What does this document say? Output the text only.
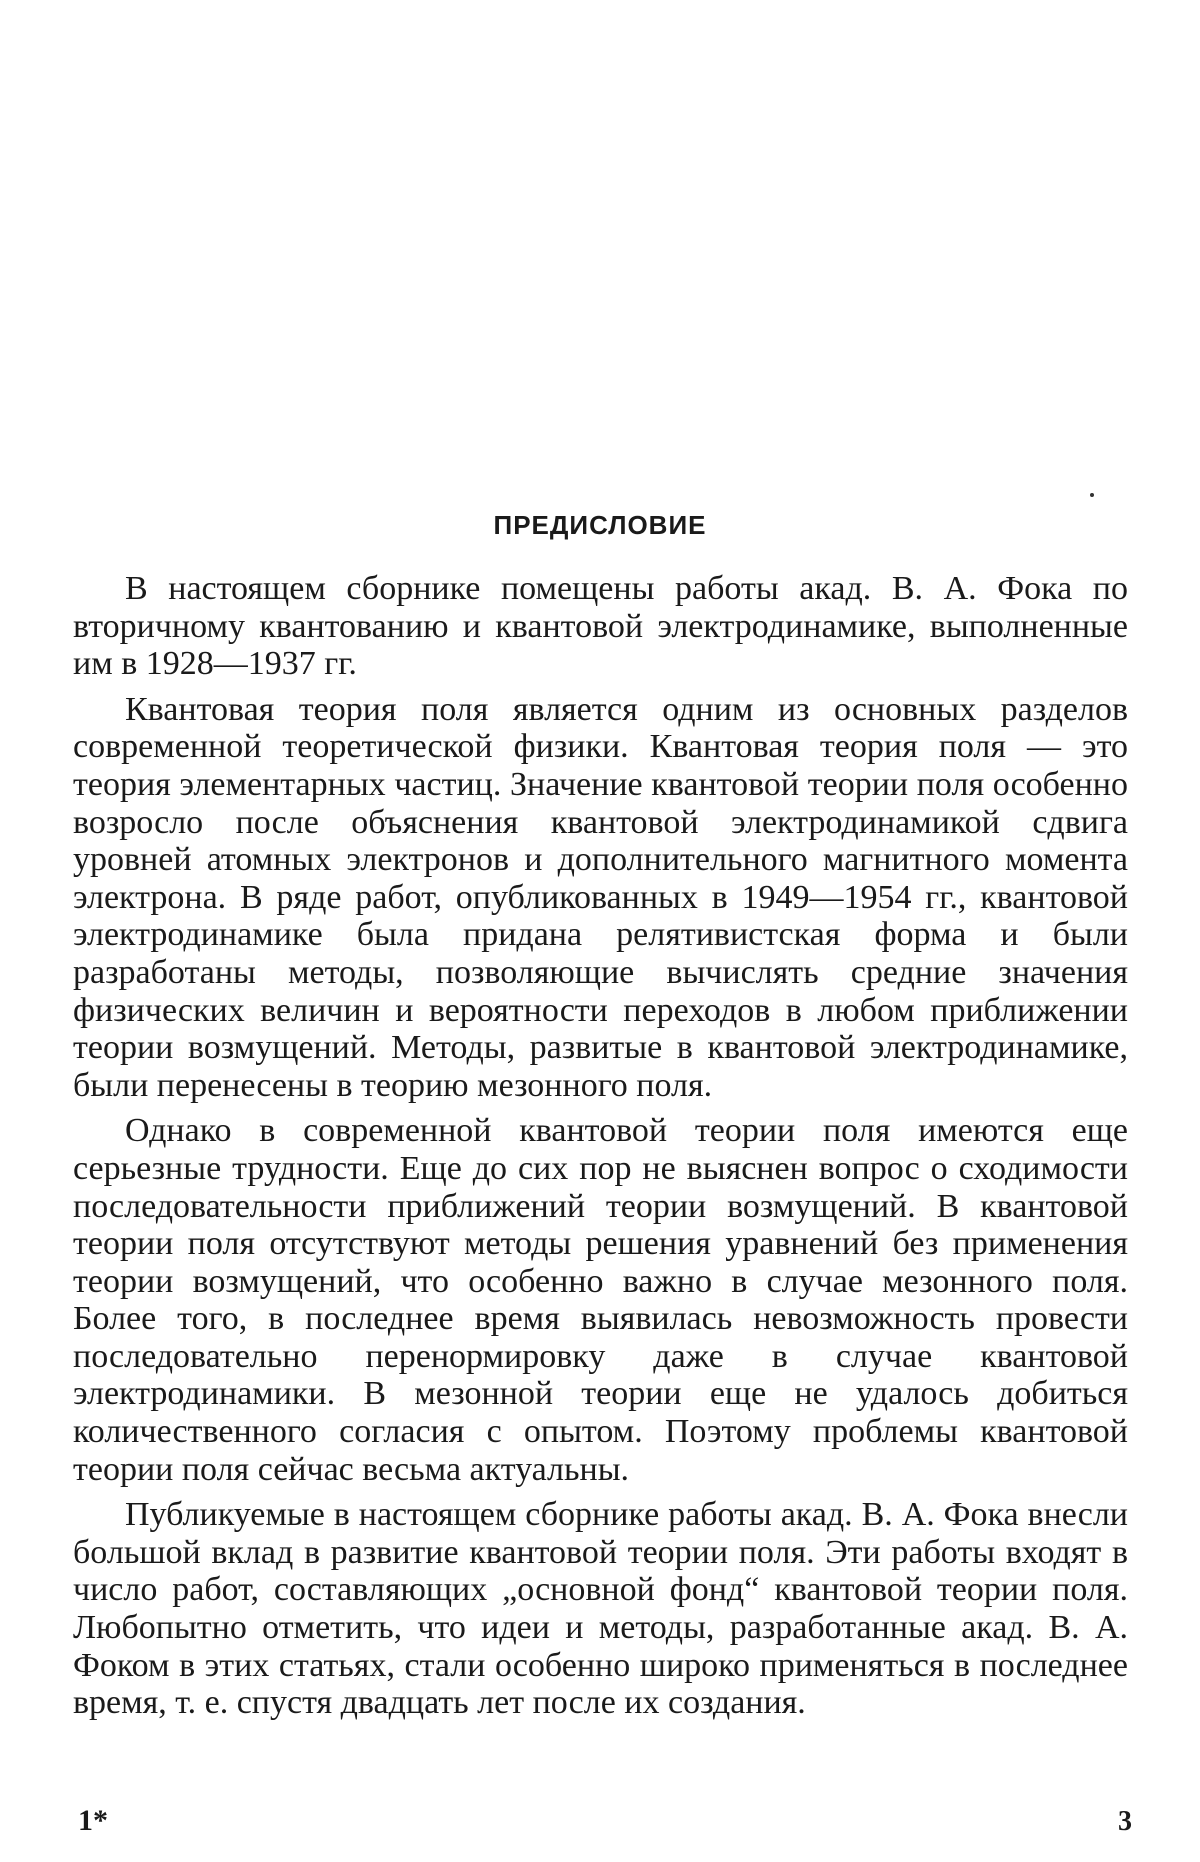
ПРЕДИСЛОВИЕ

В настоящем сборнике помещены работы акад. В. А. Фока по вторичному квантованию и квантовой электродинамике, выполненные им в 1928—1937 гг.

Квантовая теория поля является одним из основных разделов современной теоретической физики. Квантовая теория поля — это теория элементарных частиц. Значение квантовой теории поля особенно возросло после объяснения квантовой электродинамикой сдвига уровней атомных электронов и дополнительного магнитного момента электрона. В ряде работ, опубликованных в 1949—1954 гг., квантовой электродинамике была придана релятивистская форма и были разработаны методы, позволяющие вычислять средние значения физических величин и вероятности переходов в любом приближении теории возмущений. Методы, развитые в квантовой электродинамике, были перенесены в теорию мезонного поля.

Однако в современной квантовой теории поля имеются еще серьезные трудности. Еще до сих пор не выяснен вопрос о сходимости последовательности приближений теории возмущений. В квантовой теории поля отсутствуют методы решения уравнений без применения теории возмущений, что особенно важно в случае мезонного поля. Более того, в последнее время выявилась невозможность провести последовательно перенормировку даже в случае квантовой электродинамики. В мезонной теории еще не удалось добиться количественного согласия с опытом. Поэтому проблемы квантовой теории поля сейчас весьма актуальны.

Публикуемые в настоящем сборнике работы акад. В. А. Фока внесли большой вклад в развитие квантовой теории поля. Эти работы входят в число работ, составляющих „основной фонд“ квантовой теории поля. Любопытно отметить, что идеи и методы, разработанные акад. В. А. Фоком в этих статьях, стали особенно широко применяться в последнее время, т. е. спустя двадцать лет после их создания.

1*	3
